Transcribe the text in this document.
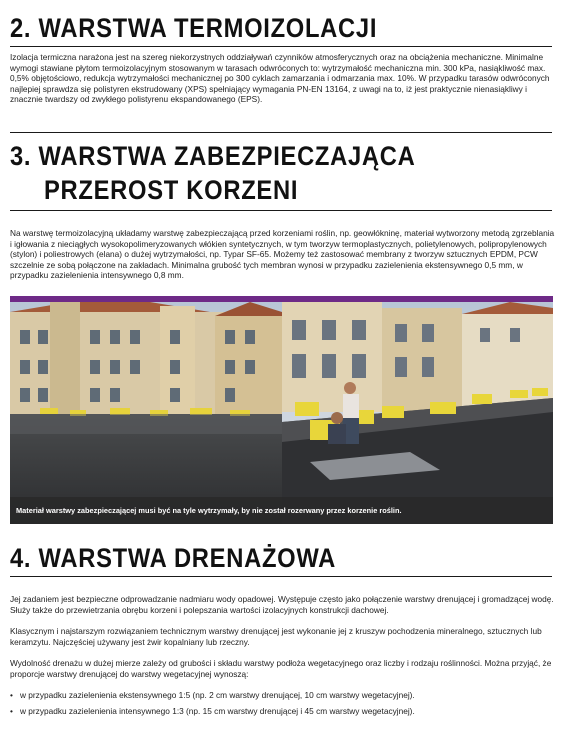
2. WARSTWA TERMOIZOLACJI

Izolacja termiczna narażona jest na szereg niekorzystnych oddziaływań czynników atmosferycznych oraz na obciążenia mechaniczne. Minimalne wymogi stawiane płytom termoizolacyjnym stosowanym w tarasach odwróconych to: wytrzymałość mechaniczna min. 300 kPa, nasiąkliwość max. 0,5% objętościowo, redukcja wytrzymałości mechanicznej po 300 cyklach zamarzania i odmarzania max. 10%. W przypadku tarasów odwróconych najlepiej sprawdza się polistyren ekstrudowany (XPS) spełniający wymagania PN-EN 13164, z uwagi na to, iż jest praktycznie nienasiąkliwy i znacznie twardszy od zwykłego polistyrenu ekspandowanego (EPS).

3. WARSTWA ZABEZPIECZAJĄCA
PRZEROST KORZENI

Na warstwę termoizolacyjną układamy warstwę zabezpieczającą przed korzeniami roślin, np. geowłókninę, materiał wytworzony metodą zgrzeblania i igłowania z nieciągłych wysokopolimeryzowanych włókien syntetycznych, w tym tworzyw termoplastycznych, polietylenowych, polipropylenowych (stylon) i poliestrowych (elana) o dużej wytrzymałości, np. Typar SF-65. Możemy też zastosować membrany z tworzyw sztucznych EPDM, PCW szczelnie ze sobą połączone na zakładach. Minimalna grubość tych membran wynosi w przypadku zazielenienia ekstensywnego 0,5 mm, w przypadku zazielenienia intensywnego 0,8 mm.

Materiał warstwy zabezpieczającej musi być na tyle wytrzymały, by nie został rozerwany przez korzenie roślin.
4. WARSTWA DRENAŻOWA

Jej zadaniem jest bezpieczne odprowadzanie nadmiaru wody opadowej. Występuje często jako połączenie warstwy drenującej i gromadzącej wodę. Służy także do przewietrzania obrębu korzeni i polepszania wartości izolacyjnych konstrukcji dachowej.

Klasycznym i najstarszym rozwiązaniem technicznym warstwy drenującej jest wykonanie jej z kruszyw pochodzenia mineralnego, sztucznych lub keramzytu. Najczęściej używany jest żwir kopalniany lub rzeczny.

Wydolność drenażu w dużej mierze zależy od grubości i składu warstwy podłoża wegetacyjnego oraz liczby i rodzaju roślinności. Można przyjąć, że proporcje warstwy drenującej do warstwy wegetacyjnej wynoszą:

• w przypadku zazielenienia ekstensywnego 1:5 (np. 2 cm warstwy drenującej, 10 cm warstwy wegetacyjnej).
• w przypadku zazielenienia intensywnego 1:3 (np. 15 cm warstwy drenującej i 45 cm warstwy wegetacyjnej).
